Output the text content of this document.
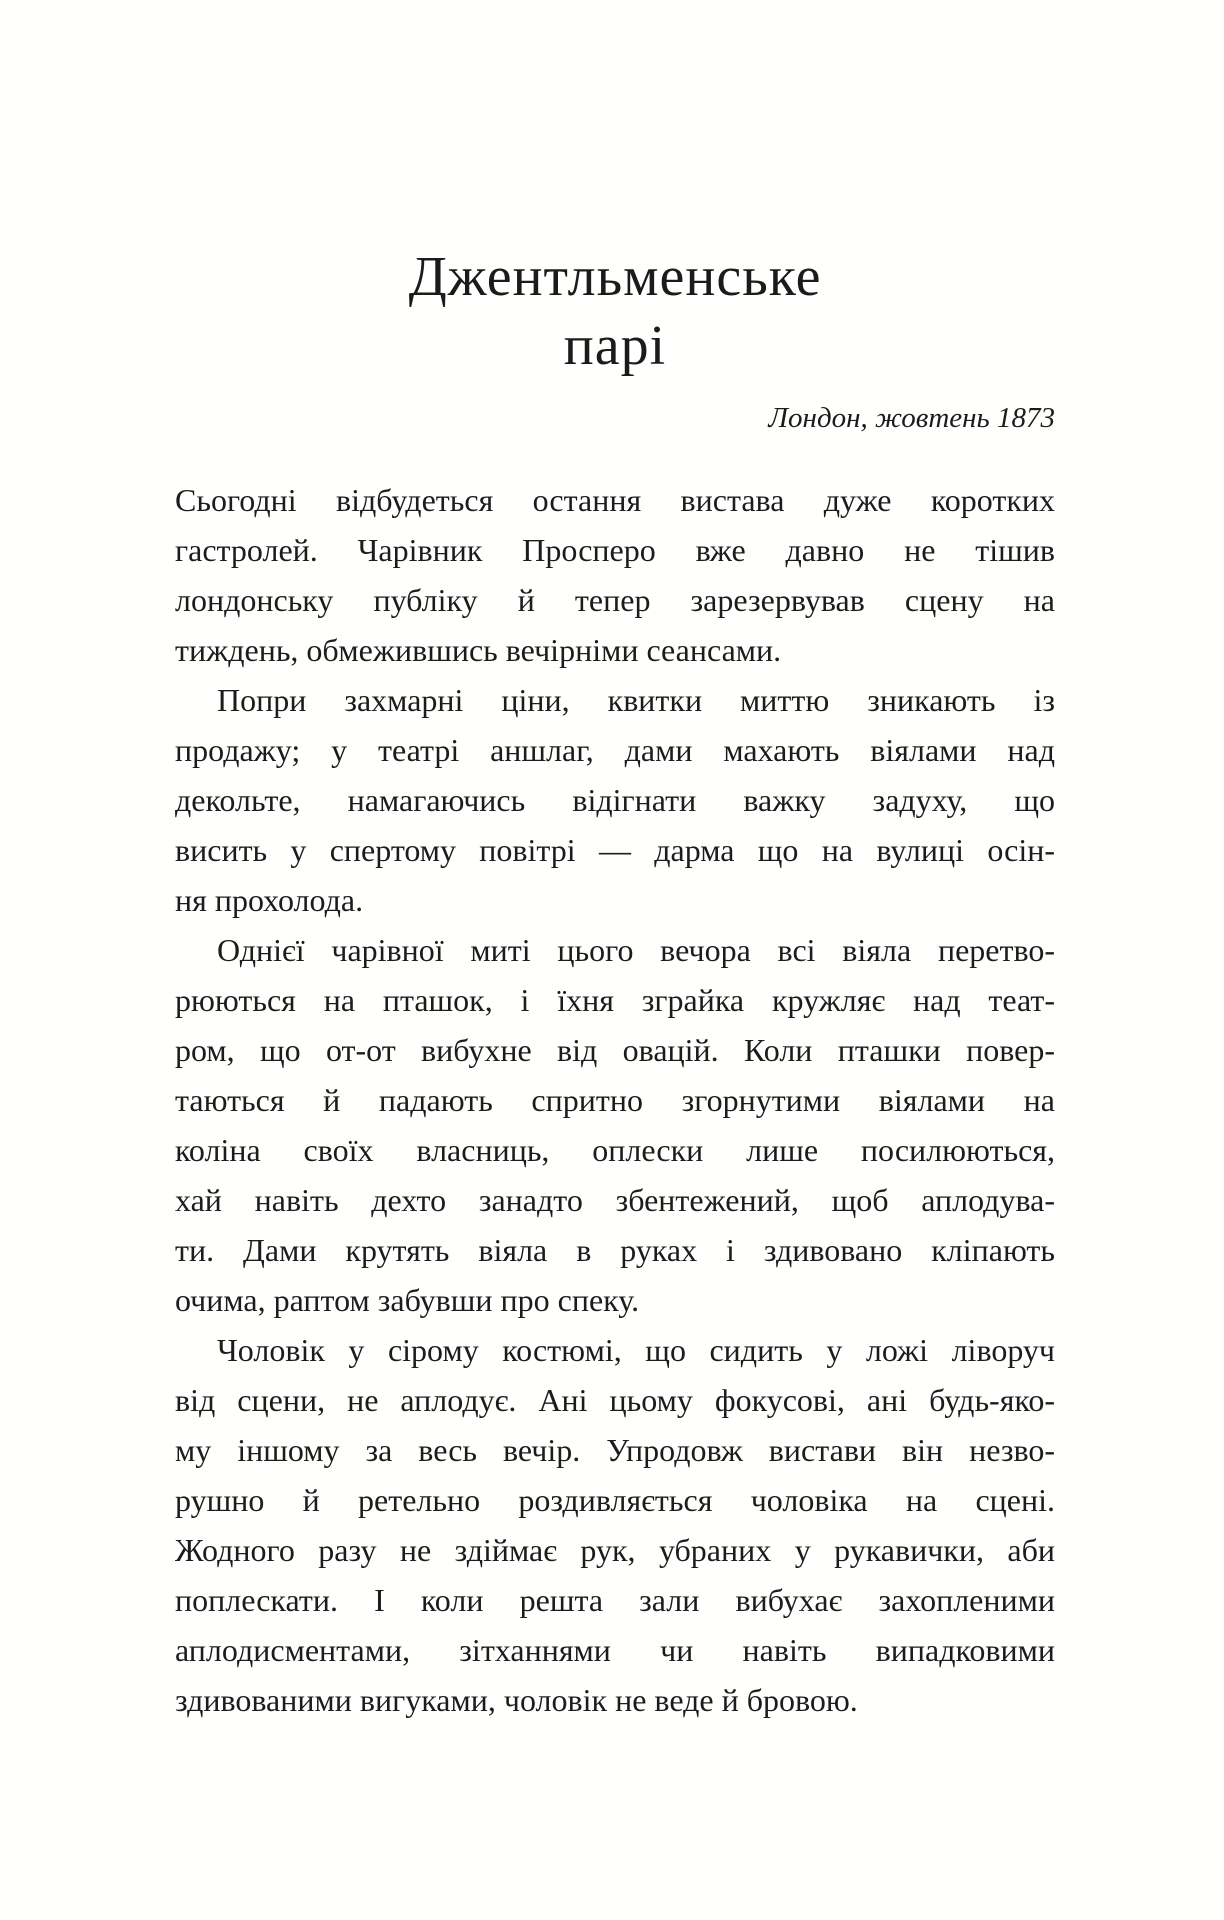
Джентльменське
парі

Лондон, жовтень 1873

Сьогодні відбудеться остання вистава дуже коротких
гастролей. Чарівник Просперо вже давно не тішив
лондонську публіку й тепер зарезервував сцену на
тиждень, обмежившись вечірніми сеансами.
Попри захмарні ціни, квитки миттю зникають із
продажу; у театрі аншлаг, дами махають віялами над
декольте, намагаючись відігнати важку задуху, що
висить у спертому повітрі — дарма що на вулиці осін-
ня прохолода.
Однієї чарівної миті цього вечора всі віяла перетво-
рюються на пташок, і їхня зграйка кружляє над теат-
ром, що от-от вибухне від овацій. Коли пташки повер-
таються й падають спритно згорнутими віялами на
коліна своїх власниць, оплески лише посилюються,
хай навіть дехто занадто збентежений, щоб аплодува-
ти. Дами крутять віяла в руках і здивовано кліпають
очима, раптом забувши про спеку.
Чоловік у сірому костюмі, що сидить у ложі ліворуч
від сцени, не аплодує. Ані цьому фокусові, ані будь-яко-
му іншому за весь вечір. Упродовж вистави він незво-
рушно й ретельно роздивляється чоловіка на сцені.
Жодного разу не здіймає рук, убраних у рукавички, аби
поплескати. І коли решта зали вибухає захопленими
аплодисментами, зітханнями чи навіть випадковими
здивованими вигуками, чоловік не веде й бровою.
